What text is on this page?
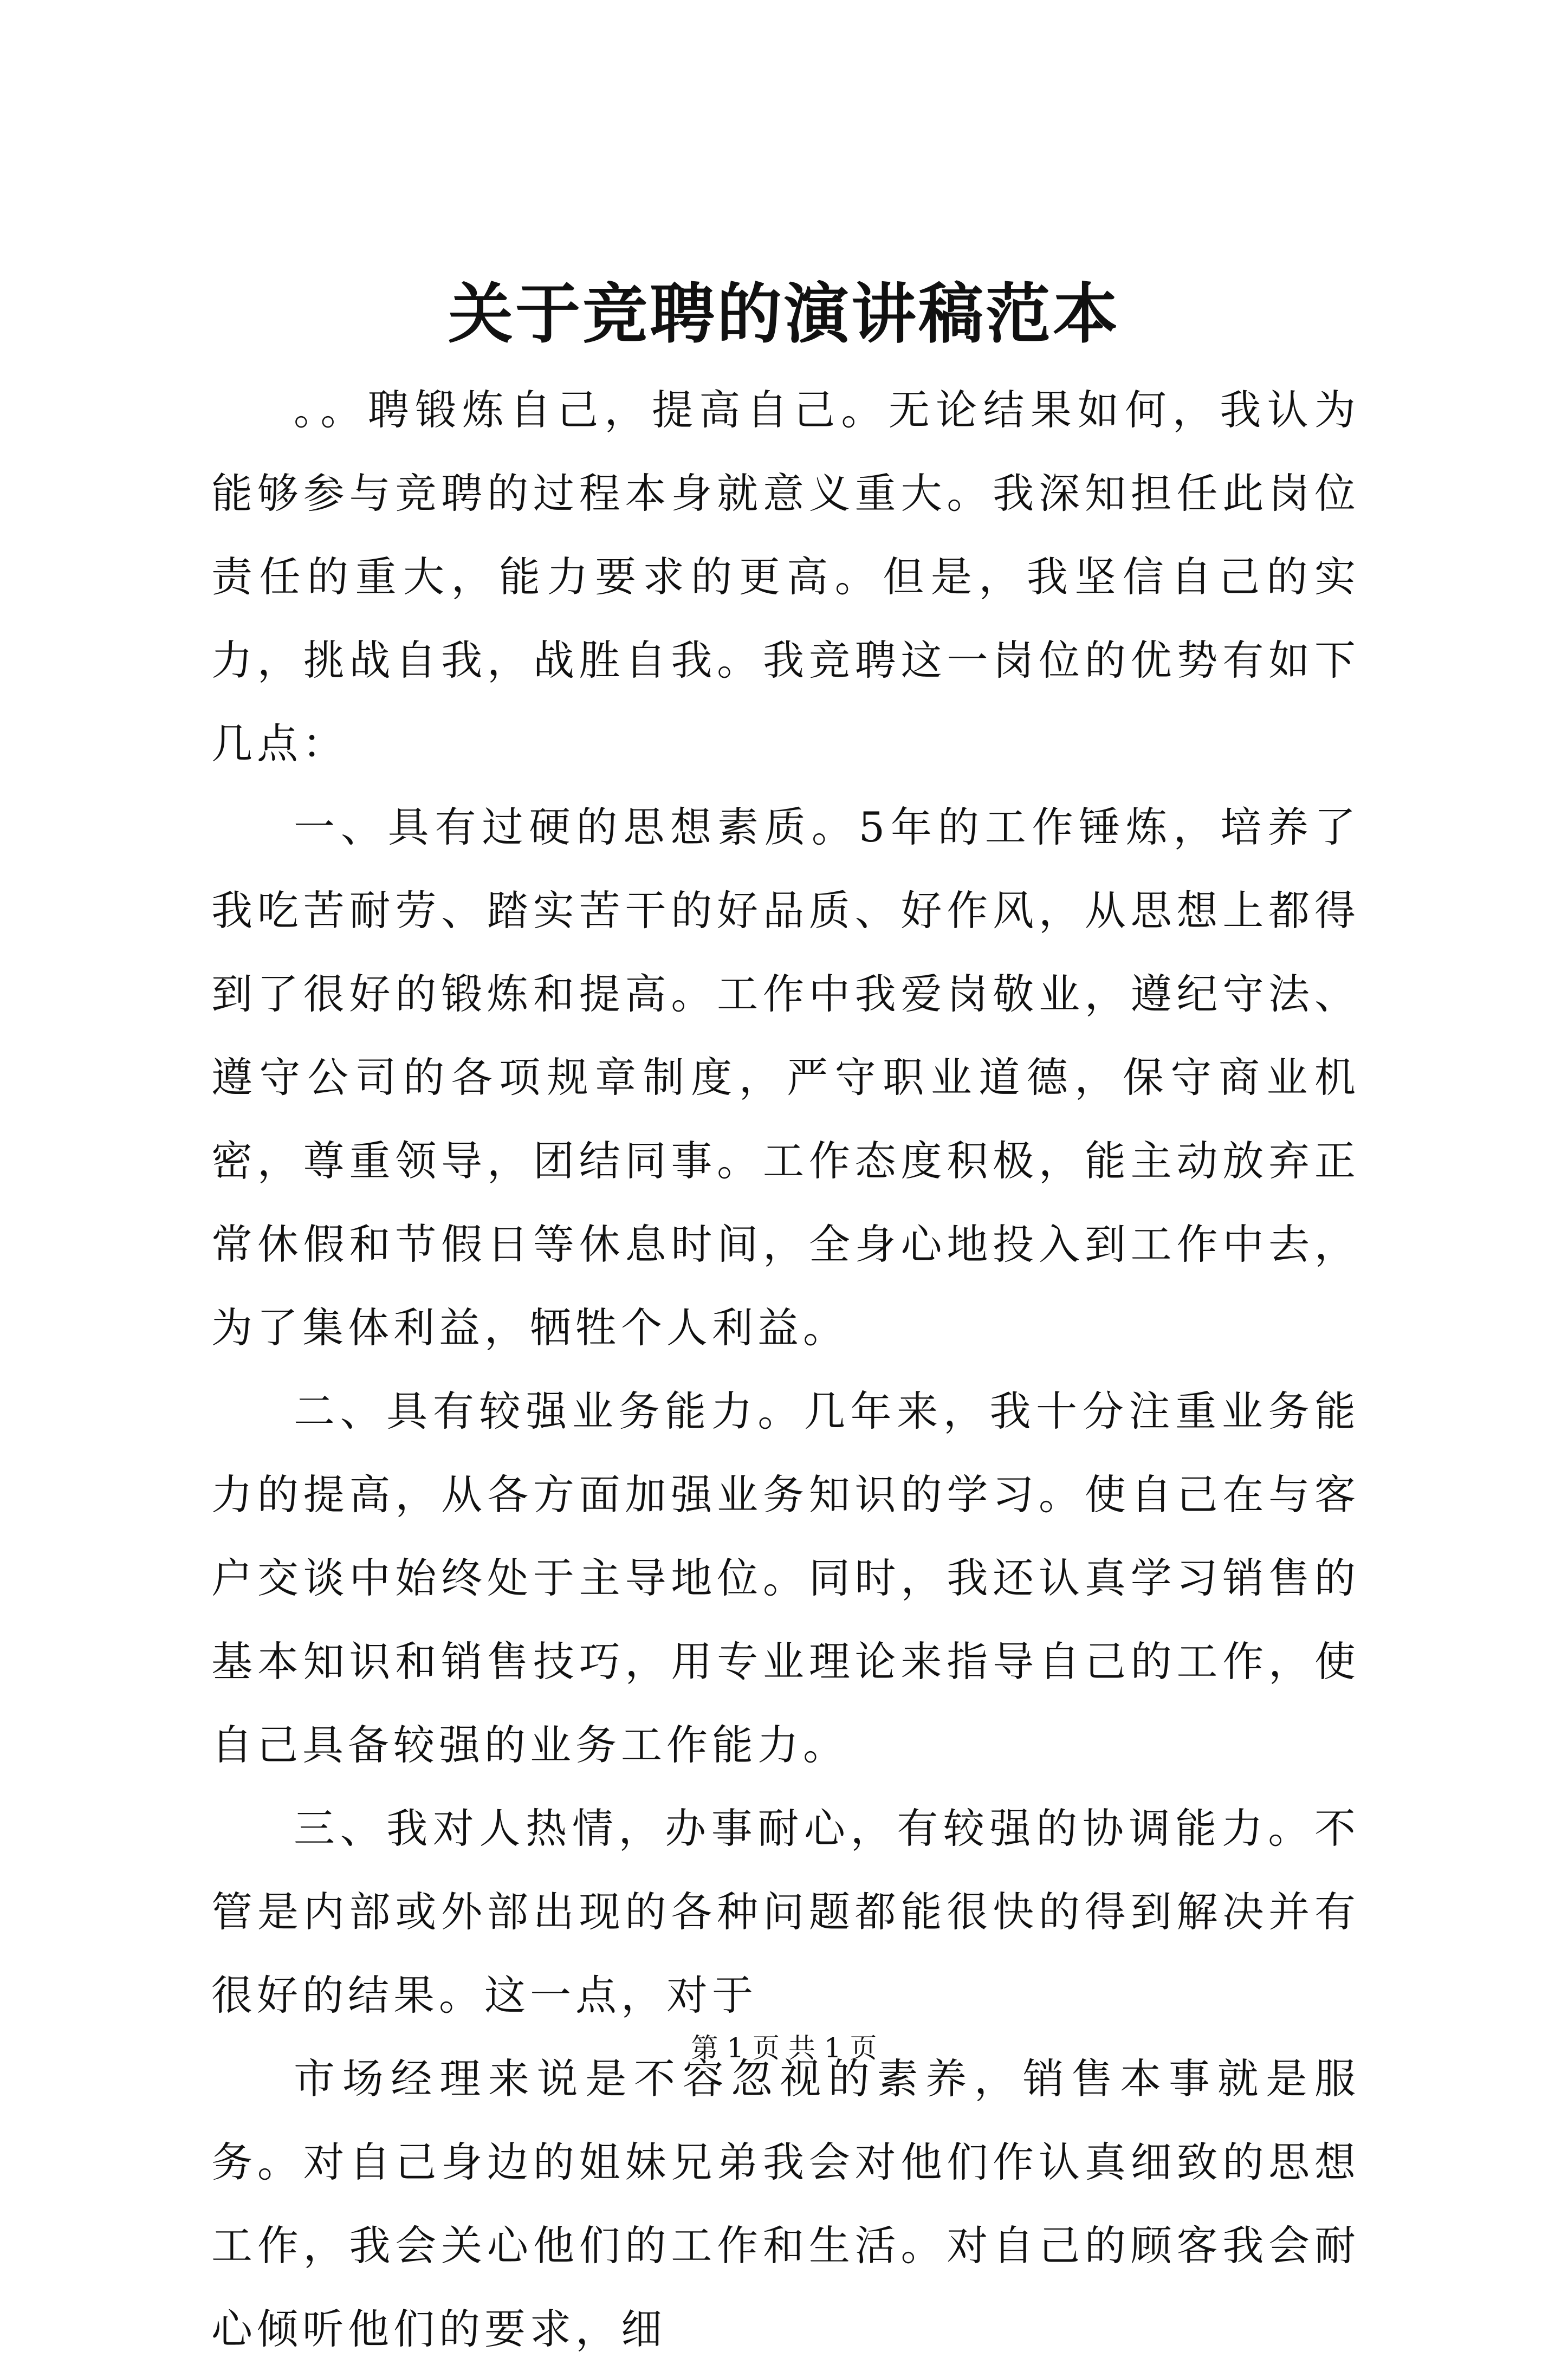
关于竞聘的演讲稿范本

。。聘锻炼自己，提高自己。无论结果如何，我认为能够参与竞聘的过程本身就意义重大。我深知担任此岗位责任的重大，能力要求的更高。但是，我坚信自己的实力，挑战自我，战胜自我。我竞聘这一岗位的优势有如下几点：

一、具有过硬的思想素质。5年的工作锤炼，培养了我吃苦耐劳、踏实苦干的好品质、好作风，从思想上都得到了很好的锻炼和提高。工作中我爱岗敬业，遵纪守法、遵守公司的各项规章制度，严守职业道德，保守商业机密，尊重领导，团结同事。工作态度积极，能主动放弃正常休假和节假日等休息时间，全身心地投入到工作中去，为了集体利益，牺牲个人利益。

二、具有较强业务能力。几年来，我十分注重业务能力的提高，从各方面加强业务知识的学习。使自己在与客户交谈中始终处于主导地位。同时，我还认真学习销售的基本知识和销售技巧，用专业理论来指导自己的工作，使自己具备较强的业务工作能力。

三、我对人热情，办事耐心，有较强的协调能力。不管是内部或外部出现的各种问题都能很快的得到解决并有很好的结果。这一点，对于

市场经理来说是不容忽视的素养，销售本事就是服务。对自己身边的姐妹兄弟我会对他们作认真细致的思想工作，我会关心他们的工作和生活。对自己的顾客我会耐心倾听他们的要求，细

第 1 页 共 1 页
